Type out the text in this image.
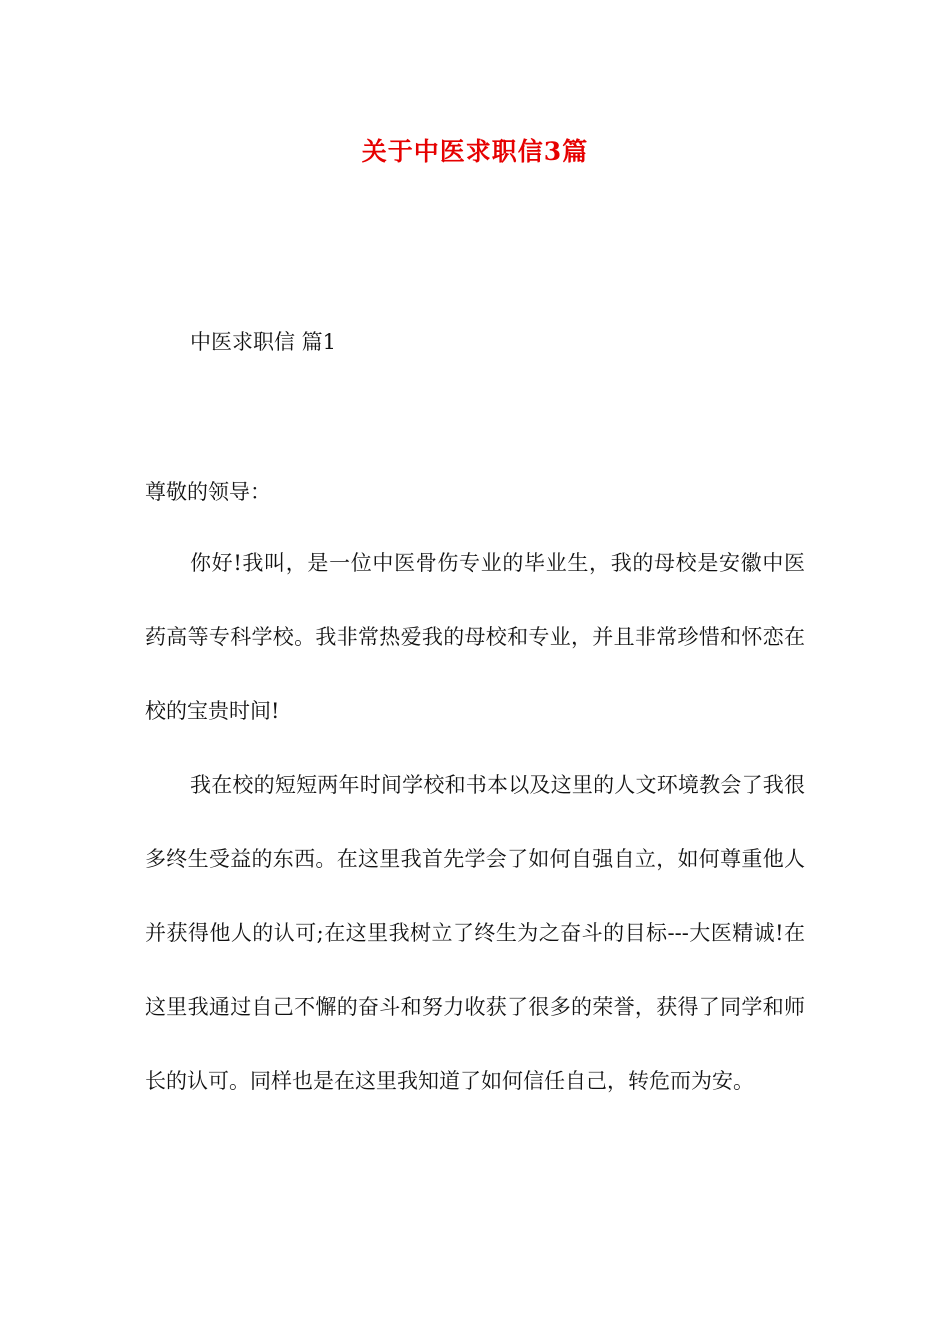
关于中医求职信3篇

中医求职信 篇1

尊敬的领导：

你好!我叫，是一位中医骨伤专业的毕业生，我的母校是安徽中医药高等专科学校。我非常热爱我的母校和专业，并且非常珍惜和怀恋在校的宝贵时间!

我在校的短短两年时间学校和书本以及这里的人文环境教会了我很多终生受益的东西。在这里我首先学会了如何自强自立，如何尊重他人并获得他人的认可;在这里我树立了终生为之奋斗的目标---大医精诚!在这里我通过自己不懈的奋斗和努力收获了很多的荣誉，获得了同学和师长的认可。同样也是在这里我知道了如何信任自己，转危而为安。
